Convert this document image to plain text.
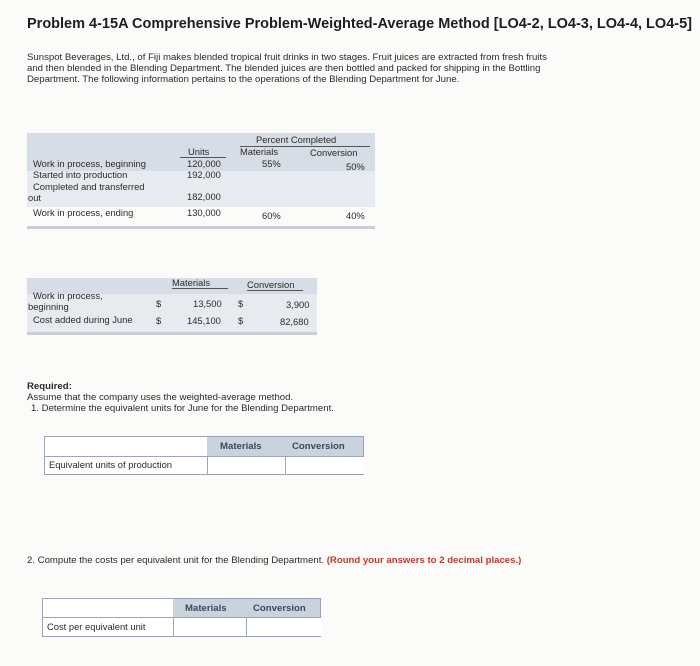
Problem 4-15A Comprehensive Problem-Weighted-Average Method [LO4-2, LO4-3, LO4-4, LO4-5]
Sunspot Beverages, Ltd., of Fiji makes blended tropical fruit drinks in two stages. Fruit juices are extracted from fresh fruits and then blended in the Blending Department. The blended juices are then bottled and packed for shipping in the Bottling Department. The following information pertains to the operations of the Blending Department for June.
Percent Completed
Units	Materials	Conversion
Work in process, beginning	120,000	55%	50%
Started into production	192,000
Completed and transferred
out	182,000
Work in process, ending	130,000	60%	40%
Materials	Conversion
Work in process,
beginning	$	13,500 $	3,900
Cost added during June $	145,100 $	82,680
Required:
Assume that the company uses the weighted-average method.
1. Determine the equivalent units for June for the Blending Department.
Materials	Conversion
Equivalent units of production
2. Compute the costs per equivalent unit for the Blending Department. (Round your answers to 2 decimal places.)
Materials	Conversion
Cost per equivalent unit
